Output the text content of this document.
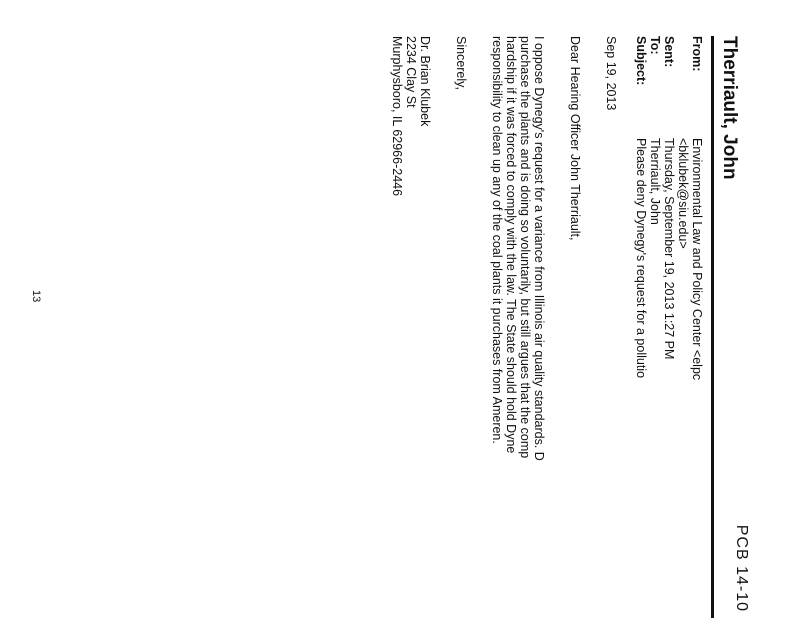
PCB 14-10
Therriault, John
From:
Environmental Law and Policy Center <elpc
<bklubek@siu.edu>
Sent:
Thursday, September 19, 2013 1:27 PM
To:
Therriault, John
Subject:
Please deny Dynegy's request for a pollutio
Sep 19, 2013
Dear Hearing Officer John Therriault,
I oppose Dynegy's request for a variance from Illinois air quality standards. D
purchase the plants and is doing so voluntarily, but still argues that the comp
hardship if it was forced to comply with the law. The State should hold Dyne
responsibility to clean up any of the coal plants it purchases from Ameren.
Sincerely,
Dr. Brian Klubek
2234 Clay St
Murphysboro, IL 62966-2446
13
